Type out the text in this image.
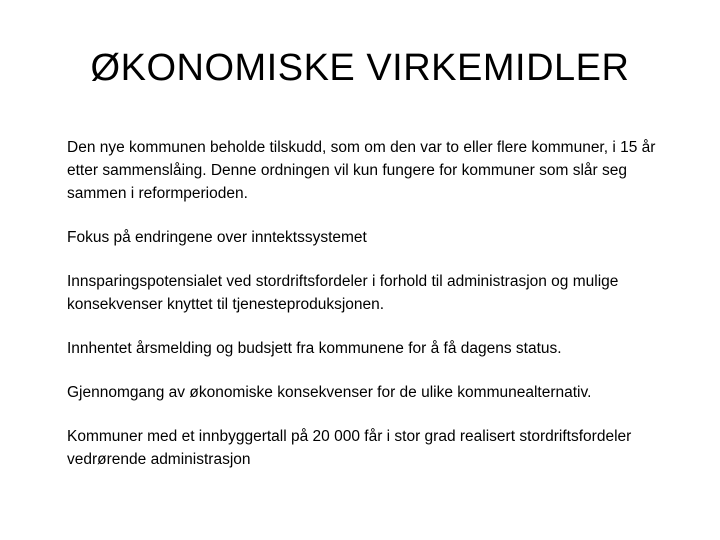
ØKONOMISKE VIRKEMIDLER

Den nye kommunen beholde tilskudd, som om den var to eller flere kommuner, i 15 år etter sammenslåing. Denne ordningen vil kun fungere for kommuner som slår seg sammen i reformperioden.

Fokus på endringene over inntektssystemet

Innsparingspotensialet ved stordriftsfordeler i forhold til administrasjon og mulige konsekvenser knyttet til tjenesteproduksjonen.

Innhentet årsmelding og budsjett fra kommunene for å få dagens status.

Gjennomgang av økonomiske konsekvenser for de ulike kommunealternativ.

Kommuner med et innbyggertall på 20 000 får i stor grad realisert stordriftsfordeler vedrørende administrasjon
